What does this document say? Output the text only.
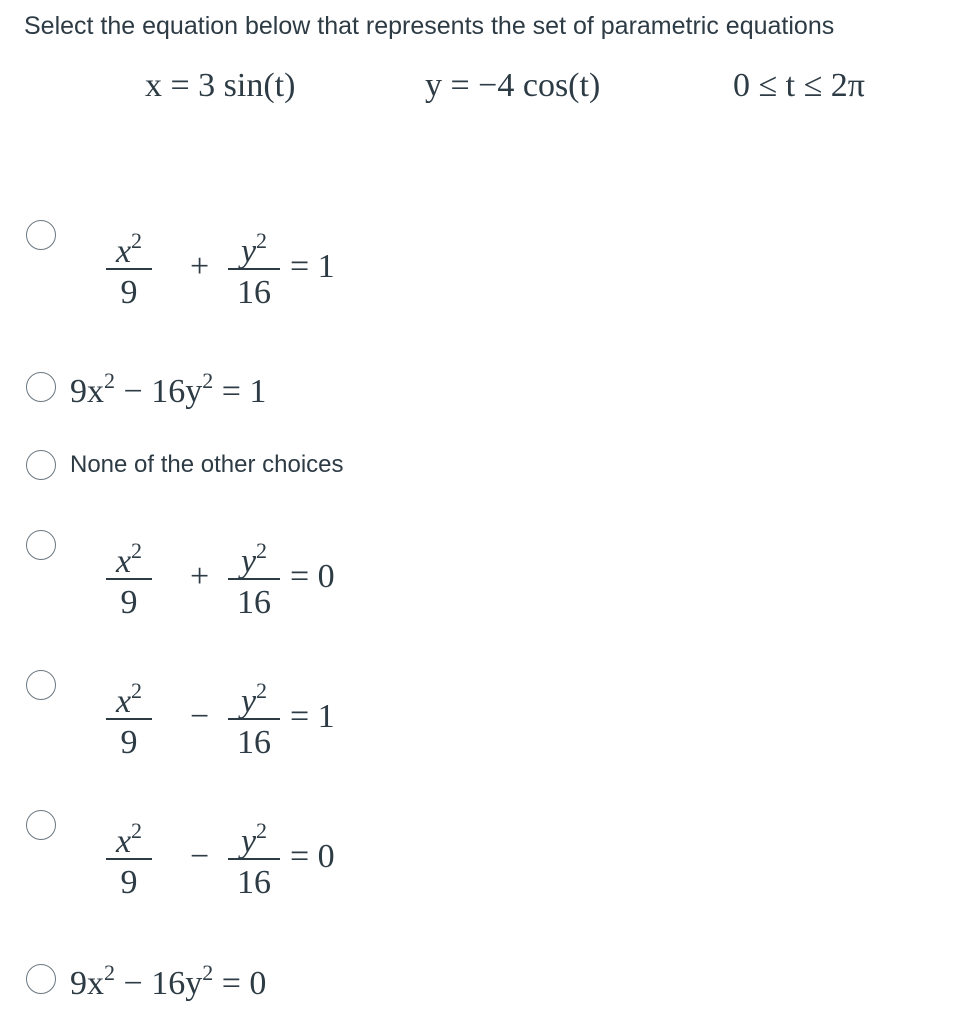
Select the equation below that represents the set of parametric equations

x = 3 sin(t)	y = −4 cos(t)	0 ≤ t ≤ 2π
$x^2$
9
+ $y^2$
16
= 1
$9x^2 - 16y^2 = 1$
None of the other choices
$x^2$
9
+ $y^2$
16
= 0
$x^2$
9
− $y^2$
16
= 1
$x^2$
9
− $y^2$
16
= 0
$9x^2 - 16y^2 = 0$
